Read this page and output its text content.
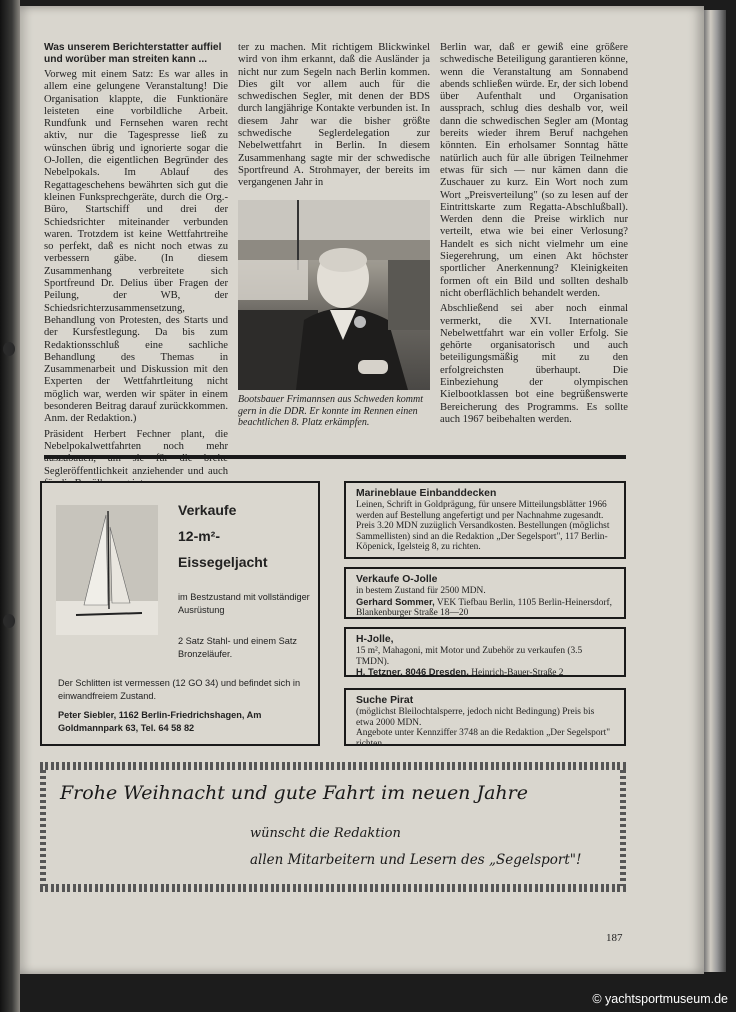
Was unserem Berichterstatter auffiel und worüber man streiten kann ...

Vorweg mit einem Satz: Es war alles in allem eine gelungene Veranstaltung! Die Organisation klappte, die Funktionäre leisteten eine vorbildliche Arbeit. Rundfunk und Fernsehen waren recht aktiv, nur die Tagespresse ließ zu wünschen übrig und ignorierte sogar die O-Jollen, die eigentlichen Begründer des Nebelpokals. Im Ablauf des Regattageschehens bewährten sich gut die kleinen Funksprechgeräte, durch die Org.-Büro, Startschiff und drei der Schiedsrichter miteinander verbunden waren. Trotzdem ist keine Wettfahrtreihe so perfekt, daß es nicht noch etwas zu verbessern gäbe. (In diesem Zusammenhang verbreitete sich Sportfreund Dr. Delius über Fragen der Peilung, der WB, der Schiedsrichterzusammensetzung, Behandlung von Protesten, des Starts und der Kursfestlegung. Da bis zum Redaktionsschluß eine sachliche Behandlung des Themas in Zusammenarbeit und Diskussion mit den Experten der Wettfahrtleitung nicht möglich war, werden wir später in einem besonderen Beitrag darauf zurückkommen. Anm. der Redaktion.)

Präsident Herbert Fechner plant, die Nebelpokalwettfahrten noch mehr Segleröffentlichkeit anziehender und auch

ter zu machen. Mit richtigem Blickwinkel wird von ihm erkannt, daß die Ausländer ja nicht nur zum Segeln nach Berlin kommen. Dies gilt vor allem auch für die schwedischen Segler, mit denen der BDS durch langjährige Kontakte verbunden ist. In diesem Jahr war die bisher größte schwedische Seglerdelegation zur Nebelwettfahrt in Berlin. In diesem Zusammenhang sagte mir der schwedische Sportfreund A. Strohmayer, der bereits im vergangenen Jahr in

Bootsbauer Frimannsen aus Schweden kommt gern in die DDR. Er konnte im Rennen einen beachtlichen 8. Platz erkämpfen.

Berlin war, daß er gewiß eine größere schwedische Beteiligung garantieren könne, wenn die Veranstaltung am Sonnabend abends schließen würde. Er, der sich lobend über Aufenthalt und Organisation aussprach, schlug dies deshalb vor, weil dann die schwedischen Segler am (Montag bereits wieder ihrem Beruf nachgehen könnten. Ein erholsamer Sonntag hätte natürlich auch für alle übrigen Teilnehmer etwas für sich — nur kämen dann die Zuschauer zu kurz. Ein Wort noch zum Wort „Preisverteilung" (so zu lesen auf der Eintrittskarte zum Regatta-Abschlußball). Werden denn die Preise wirklich nur verteilt, etwa wie bei einer Verlosung? Handelt es sich nicht vielmehr um eine Siegerehrung, um einen Akt höchster sportlicher Anerkennung? Kleinigkeiten formen oft ein Bild und sollten deshalb nicht oberflächlich behandelt werden.

Abschließend sei aber noch einmal vermerkt, die XVI. Internationale Nebelwettfahrt war ein voller Erfolg. Sie gehörte organisatorisch und auch beteiligungsmäßig mit zu den erfolgreichsten überhaupt. Die Einbeziehung der olympischen Kielbootklassen bot eine begrüßenswerte Bereicherung des Programms. Es sollte auch 1967 beibehalten werden.

Verkaufe
12-m²-
Eissegeljacht
im Bestzustand mit vollständiger Ausrüstung
2 Satz Stahl- und einem Satz Bronzeläufer.
Der Schlitten ist vermessen (12 GO 34) und befindet sich in einwandfreiem Zustand.
Peter Siebler, 1162 Berlin-Friedrichshagen, Am Goldmannpark 63, Tel. 64 58 82
Marineblaue Einbanddecken
Leinen, Schrift in Goldprägung, für unsere Mitteilungsblätter 1966 werden auf Bestellung angefertigt und per Nachnahme zugesandt. Preis 3.20 MDN zuzüglich Versandkosten. Bestellungen (möglichst Sammellisten) sind an die Redaktion „Der Segelsport", 117 Berlin-Köpenick, Igelsteig 8, zu richten.
Verkaufe O-Jolle
in bestem Zustand für 2500 MDN.
Gerhard Sommer, VEK Tiefbau Berlin, 1105 Berlin-Heinersdorf, Blankenburger Straße 18—20
H-Jolle,
15 m², Mahagoni, mit Motor und Zubehör zu verkaufen (3.5 TMDN).
H. Tetzner, 8046 Dresden, Heinrich-Bauer-Straße 2
Suche Pirat
(möglichst Bleilochtalsperre, jedoch nicht Bedingung) Preis bis etwa 2000 MDN.
Angebote unter Kennziffer 3748 an die Redaktion „Der Segelsport" richten.
Frohe Weihnacht und gute Fahrt im neuen Jahre
wünscht die Redaktion
allen Mitarbeitern und Lesern des „Segelsport"!
187
© yachtsportmuseum.de
